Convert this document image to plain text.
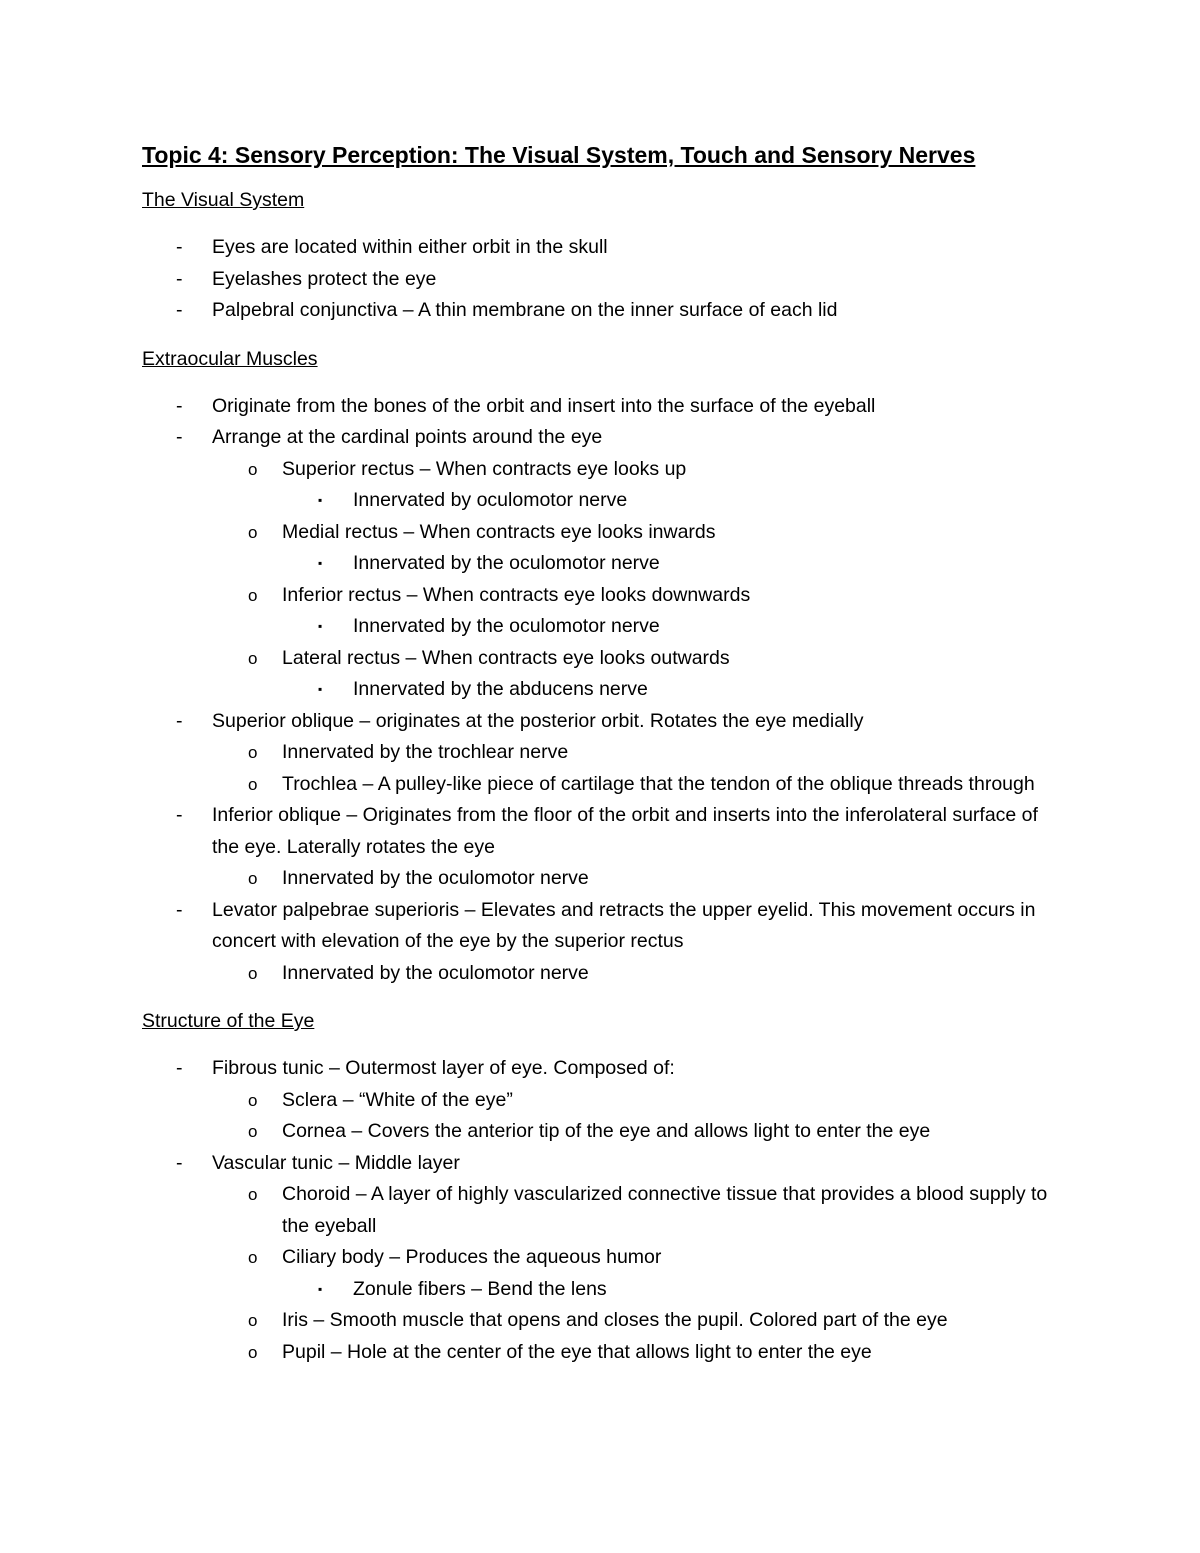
Topic 4: Sensory Perception: The Visual System, Touch and Sensory Nerves
The Visual System
-	Eyes are located within either orbit in the skull
-	Eyelashes protect the eye
-	Palpebral conjunctiva – A thin membrane on the inner surface of each lid
Extraocular Muscles
-	Originate from the bones of the orbit and insert into the surface of the eyeball
-	Arrange at the cardinal points around the eye
o	Superior rectus – When contracts eye looks up
▪	Innervated by oculomotor nerve
o	Medial rectus – When contracts eye looks inwards
▪	Innervated by the oculomotor nerve
o	Inferior rectus – When contracts eye looks downwards
▪	Innervated by the oculomotor nerve
o	Lateral rectus – When contracts eye looks outwards
▪	Innervated by the abducens nerve
-	Superior oblique – originates at the posterior orbit. Rotates the eye medially
o	Innervated by the trochlear nerve
o	Trochlea – A pulley-like piece of cartilage that the tendon of the oblique threads through
-	Inferior oblique – Originates from the floor of the orbit and inserts into the inferolateral surface of the eye. Laterally rotates the eye
o	Innervated by the oculomotor nerve
-	Levator palpebrae superioris – Elevates and retracts the upper eyelid. This movement occurs in concert with elevation of the eye by the superior rectus
o	Innervated by the oculomotor nerve
Structure of the Eye
-	Fibrous tunic – Outermost layer of eye. Composed of:
o	Sclera – “White of the eye”
o	Cornea – Covers the anterior tip of the eye and allows light to enter the eye
-	Vascular tunic – Middle layer
o	Choroid – A layer of highly vascularized connective tissue that provides a blood supply to the eyeball
o	Ciliary body – Produces the aqueous humor
▪	Zonule fibers – Bend the lens
o	Iris – Smooth muscle that opens and closes the pupil. Colored part of the eye
o	Pupil – Hole at the center of the eye that allows light to enter the eye
